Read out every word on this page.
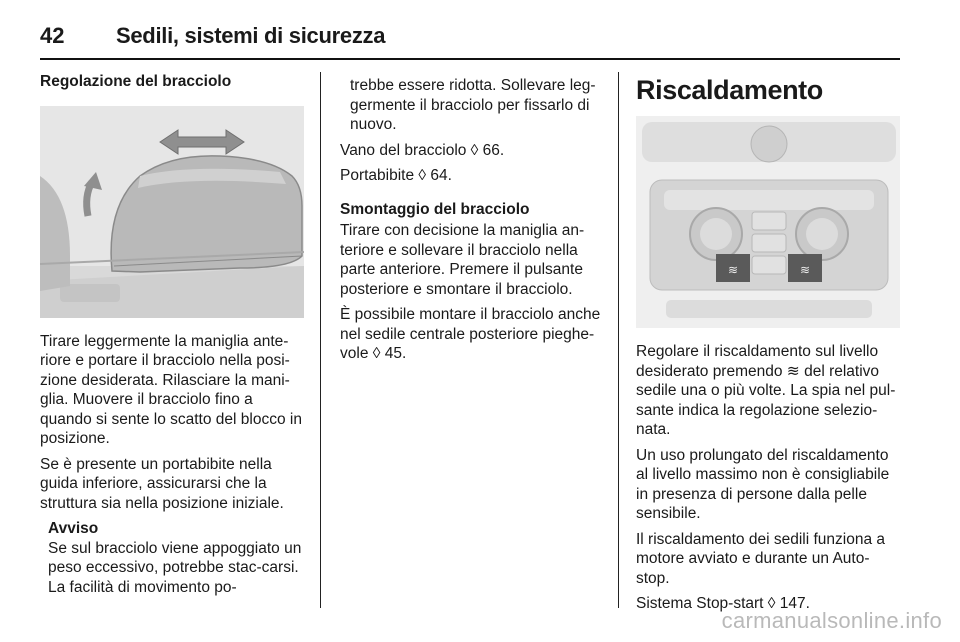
42	Sedili, sistemi di sicurezza

Regolazione del bracciolo

Tirare leggermente la maniglia ante-riore e portare il bracciolo nella posi-zione desiderata. Rilasciare la mani-glia. Muovere il bracciolo fino a quando si sente lo scatto del blocco in posizione.

Se è presente un portabibite nella guida inferiore, assicurarsi che la struttura sia nella posizione iniziale.

Avviso
Se sul bracciolo viene appoggiato un peso eccessivo, potrebbe stac-carsi. La facilità di movimento po-

trebbe essere ridotta. Sollevare leg-germente il bracciolo per fissarlo di nuovo.

Vano del bracciolo ◊ 66.

Portabibite ◊ 64.

Smontaggio del bracciolo

Tirare con decisione la maniglia an-teriore e sollevare il bracciolo nella parte anteriore. Premere il pulsante posteriore e smontare il bracciolo.

È possibile montare il bracciolo anche nel sedile centrale posteriore pieghe-vole ◊ 45.

Riscaldamento
≋	≋

Regolare il riscaldamento sul livello desiderato premendo ≋ del relativo sedile una o più volte. La spia nel pul-sante indica la regolazione selezio-nata.

Un uso prolungato del riscaldamento al livello massimo non è consigliabile in presenza di persone dalla pelle sensibile.

Il riscaldamento dei sedili funziona a motore avviato e durante un Auto-stop.

Sistema Stop-start ◊ 147.

carmanualsonline.info
